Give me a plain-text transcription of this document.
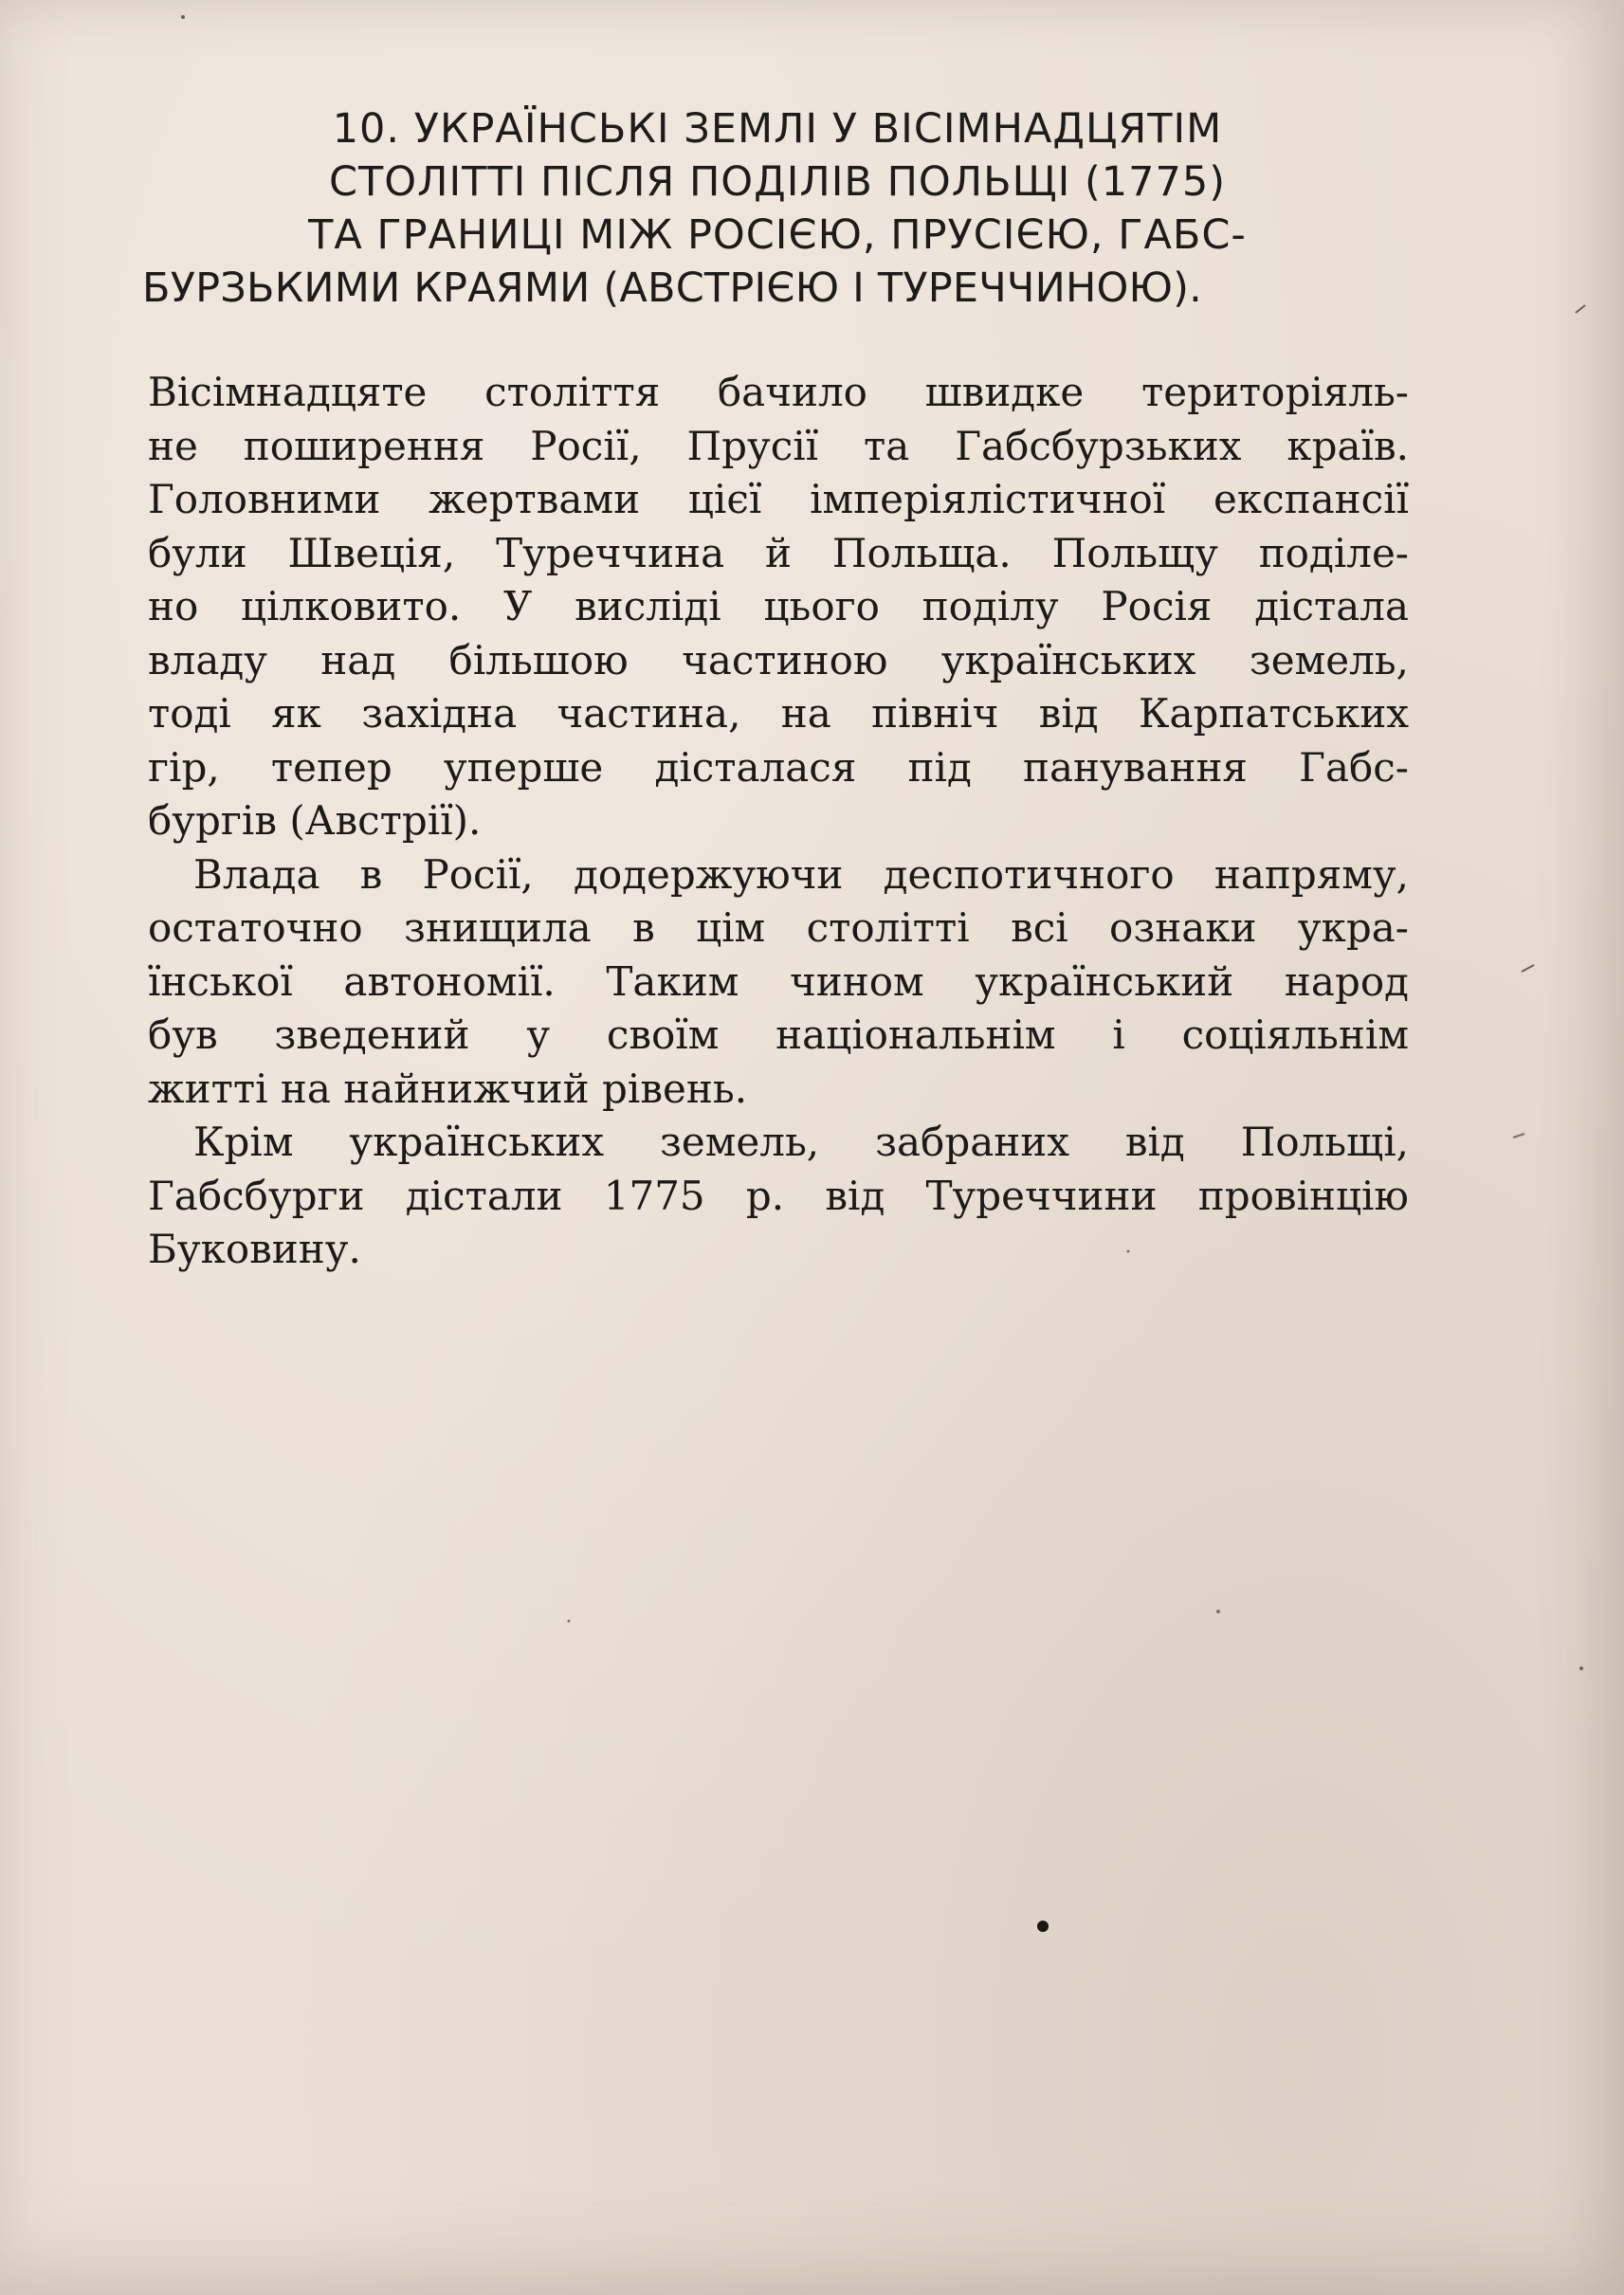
10. УКРАЇНСЬКІ ЗЕМЛІ У ВІСІМНАДЦЯТІМ
СТОЛІТТІ ПІСЛЯ ПОДІЛІВ ПОЛЬЩІ (1775)
ТА ГРАНИЦІ МІЖ РОСІЄЮ, ПРУСІЄЮ, ГАБС-
БУРЗЬКИМИ КРАЯМИ (АВСТРІЄЮ І ТУРЕЧЧИНОЮ).
Вісімнадцяте століття бачило швидке територіяль-
не поширення Росії, Прусії та Габсбурзьких країв.
Головними жертвами цієї імперіялістичної експансії
були Швеція, Туреччина й Польща. Польщу поділе-
но цілковито. У висліді цього поділу Росія дістала
владу над більшою частиною українських земель,
тоді як західна частина, на північ від Карпатських
гір, тепер уперше дісталася під панування Габс-
бургів (Австрії).
Влада в Росії, додержуючи деспотичного напряму,
остаточно знищила в цім столітті всі ознаки укра-
їнської автономії. Таким чином український народ
був зведений у своїм національнім і соціяльнім
житті на найнижчий рівень.
Крім українських земель, забраних від Польщі,
Габсбурги дістали 1775 р. від Туреччини провінцію
Буковину.
